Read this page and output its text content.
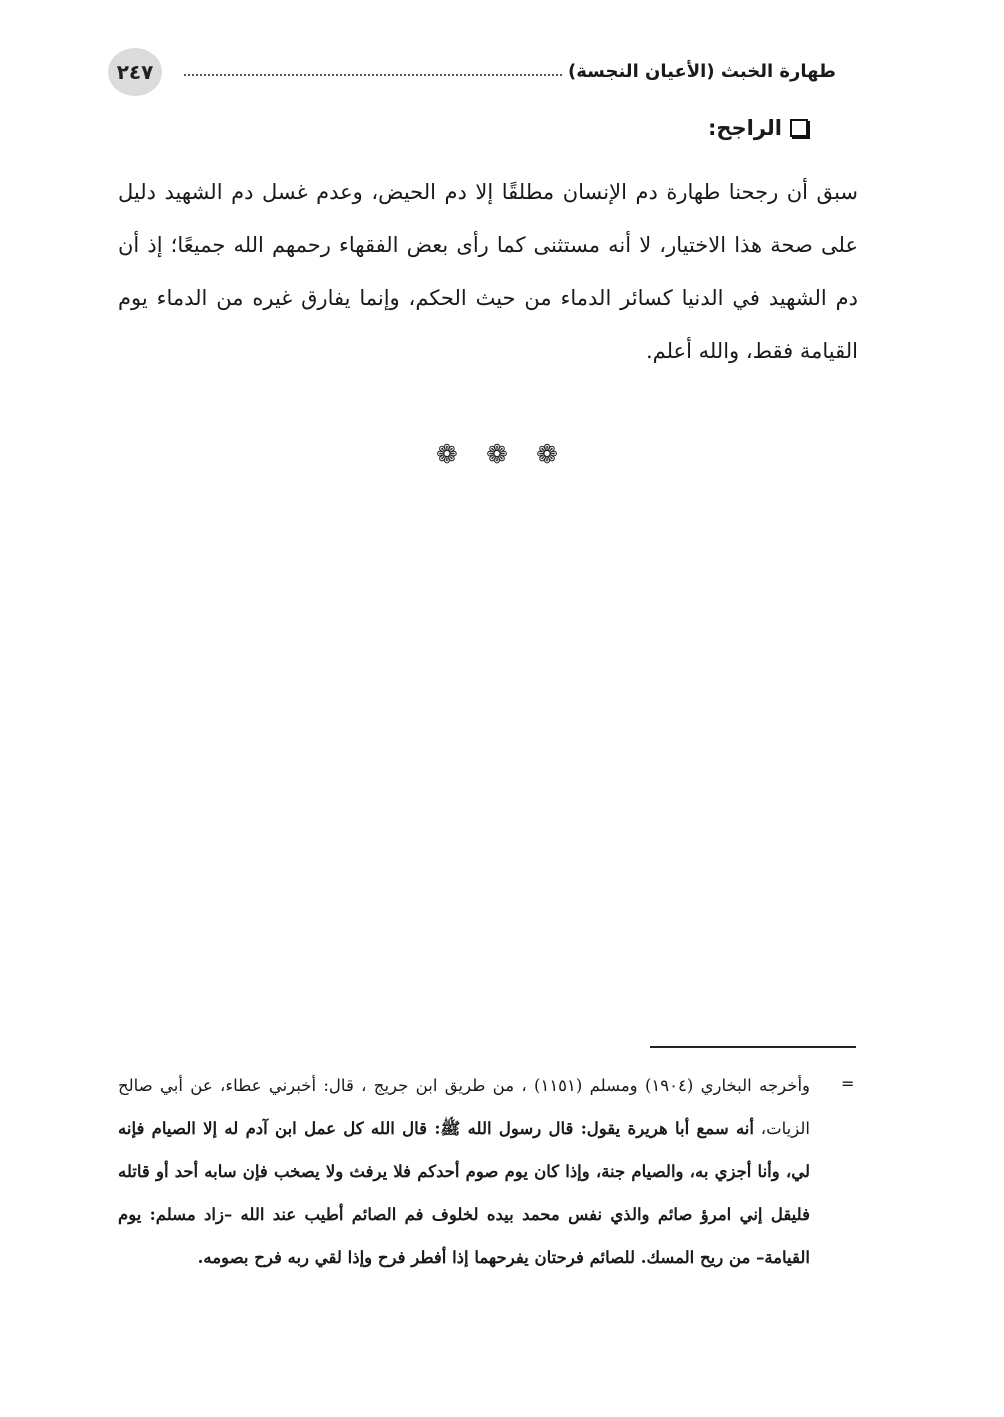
٢٤٧	طهارة الخبث (الأعيان النجسة)
الراجح:

سبق أن رجحنا طهارة دم الإنسان مطلقًا إلا دم الحيض، وعدم غسل دم الشهيد دليل على صحة هذا الاختيار، لا أنه مستثنى كما رأى بعض الفقهاء رحمهم الله جميعًا؛ إذ أن دم الشهيد في الدنيا كسائر الدماء من حيث الحكم، وإنما يفارق غيره من الدماء يوم القيامة فقط، والله أعلم.

❁ ❁ ❁
=

وأخرجه البخاري (١٩٠٤) ومسلم (١١٥١) ، من طريق ابن جريج ، قال: أخبرني عطاء، عن أبي صالح الزيات، أنه سمع أبا هريرة يقول: قال رسول الله ﷺ: قال الله كل عمل ابن آدم له إلا الصيام فإنه لي، وأنا أجزي به، والصيام جنة، وإذا كان يوم صوم أحدكم فلا يرفث ولا يصخب فإن سابه أحد أو قاتله فليقل إني امرؤ صائم والذي نفس محمد بيده لخلوف فم الصائم أطيب عند الله –زاد مسلم: يوم القيامة– من ريح المسك. للصائم فرحتان يفرحهما إذا أفطر فرح وإذا لقي ربه فرح بصومه.
